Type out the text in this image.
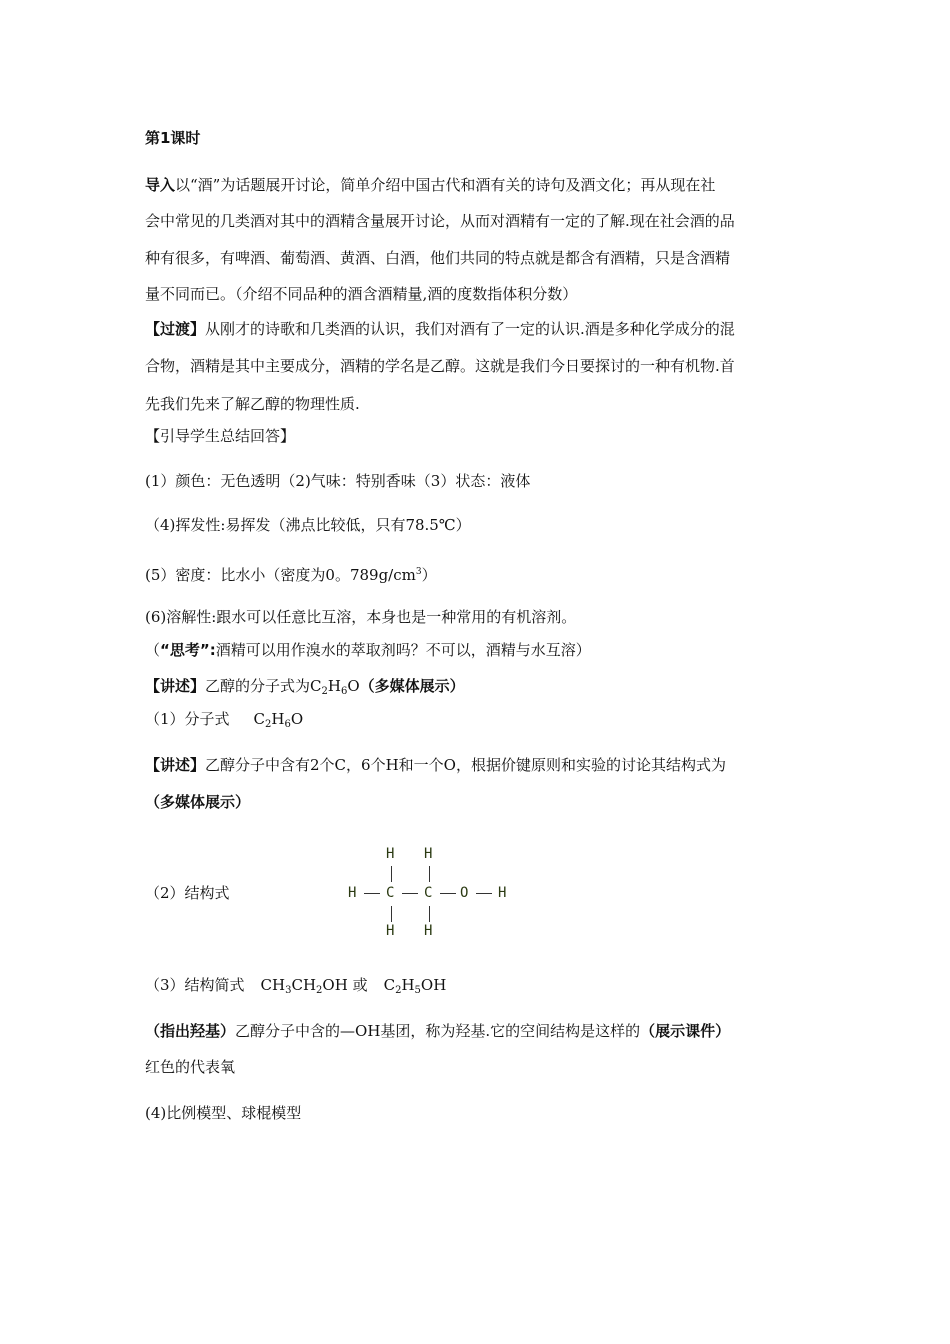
第1课时
导入以“酒”为话题展开讨论，简单介绍中国古代和酒有关的诗句及酒文化；再从现在社
会中常见的几类酒对其中的酒精含量展开讨论，从而对酒精有一定的了解.现在社会酒的品
种有很多，有啤酒、葡萄酒、黄酒、白酒，他们共同的特点就是都含有酒精，只是含酒精
量不同而已。（介绍不同品种的酒含酒精量,酒的度数指体积分数）
【过渡】从刚才的诗歌和几类酒的认识，我们对酒有了一定的认识.酒是多种化学成分的混
合物，酒精是其中主要成分，酒精的学名是乙醇。这就是我们今日要探讨的一种有机物.首
先我们先来了解乙醇的物理性质.
【引导学生总结回答】
(1）颜色：无色透明（2)气味：特别香味（3）状态：液体
（4)挥发性:易挥发（沸点比较低，只有78.5℃）
(5）密度：比水小（密度为0。$789g/cm^3$）
(6)溶解性:跟水可以任意比互溶，本身也是一种常用的有机溶剂。
（“思考”:酒精可以用作溴水的萃取剂吗？不可以，酒精与水互溶）
【讲述】乙醇的分子式为$C_2H_6O$（多媒体展示）
（1）分子式 $C_2H_6O$
【讲述】乙醇分子中含有2个C，6个H和一个O，根据价键原则和实验的讨论其结构式为
（多媒体展示）
（2）结构式
H H
H C C O H
H H
（3）结构简式 $CH_3CH_2OH$ 或 $C_2H_5OH$
（指出羟基）乙醇分子中含的—OH基团，称为羟基.它的空间结构是这样的（展示课件）
红色的代表氧
(4)比例模型、球棍模型
